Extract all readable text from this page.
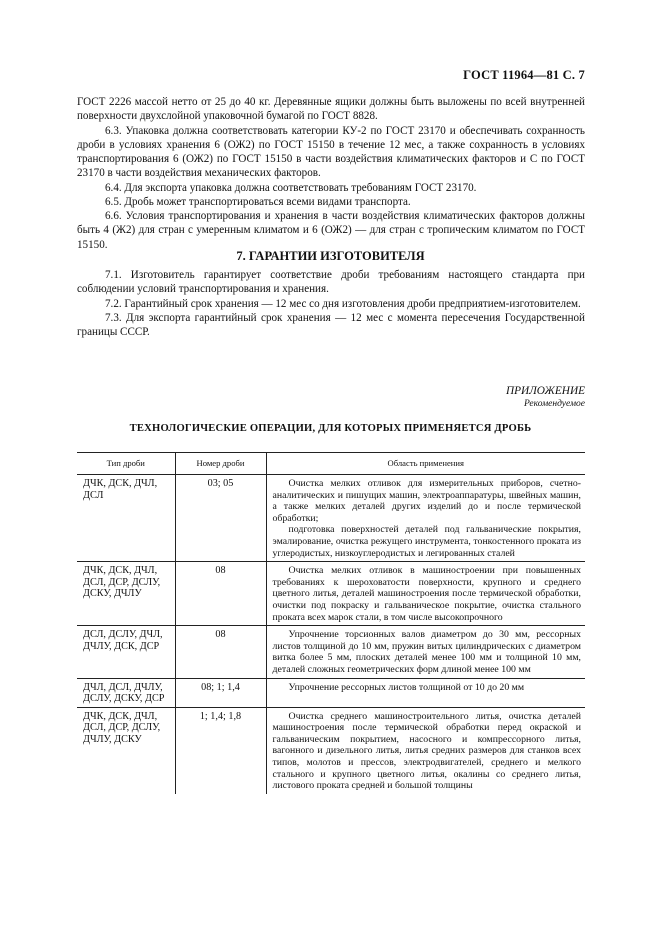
ГОСТ 11964—81 С. 7

ГОСТ 2226 массой нетто от 25 до 40 кг. Деревянные ящики должны быть выложены по всей внутренней поверхности двухслойной упаковочной бумагой по ГОСТ 8828.

6.3. Упаковка должна соответствовать категории КУ-2 по ГОСТ 23170 и обеспечивать сохранность дроби в условиях хранения 6 (ОЖ2) по ГОСТ 15150 в течение 12 мес, а также сохранность в условиях транспортирования 6 (ОЖ2) по ГОСТ 15150 в части воздействия климатических факторов и С по ГОСТ 23170 в части воздействия механических факторов.

6.4. Для экспорта упаковка должна соответствовать требованиям ГОСТ 23170.

6.5. Дробь может транспортироваться всеми видами транспорта.

6.6. Условия транспортирования и хранения в части воздействия климатических факторов должны быть 4 (Ж2) для стран с умеренным климатом и 6 (ОЖ2) — для стран с тропическим климатом по ГОСТ 15150.

7. ГАРАНТИИ ИЗГОТОВИТЕЛЯ

7.1. Изготовитель гарантирует соответствие дроби требованиям настоящего стандарта при соблюдении условий транспортирования и хранения.

7.2. Гарантийный срок хранения — 12 мес со дня изготовления дроби предприятием-изготовителем.

7.3. Для экспорта гарантийный срок хранения — 12 мес с момента пересечения Государственной границы СССР.

ПРИЛОЖЕНИЕ
Рекомендуемое
ТЕХНОЛОГИЧЕСКИЕ ОПЕРАЦИИ, ДЛЯ КОТОРЫХ ПРИМЕНЯЕТСЯ ДРОБЬ
Тип дроби	Номер дроби	Область применения
ДЧК, ДСК, ДЧЛ, ДСЛ	03; 05	Очистка мелких отливок для измерительных приборов, счетно-аналитических и пишущих машин, электроаппаратуры, швейных машин, а также мелких деталей других изделий до и после термической обработки;
подготовка поверхностей деталей под гальванические покрытия, эмалирование, очистка режущего инструмента, тонкостенного проката из углеродистых, низкоуглеродистых и легированных сталей

ДЧК, ДСК, ДЧЛ, ДСЛ, ДСР, ДСЛУ, ДСКУ, ДЧЛУ	08	Очистка мелких отливок в машиностроении при повышенных требованиях к шероховатости поверхности, крупного и среднего цветного литья, деталей машиностроения после термической обработки, очистки под покраску и гальваническое покрытие, очистка стального проката всех марок стали, в том числе высокопрочного

ДСЛ, ДСЛУ, ДЧЛ, ДЧЛУ, ДСК, ДСР	08	Упрочнение торсионных валов диаметром до 30 мм, рессорных листов толщиной до 10 мм, пружин витых цилиндрических с диаметром витка более 5 мм, плоских деталей менее 100 мм и толщиной 10 мм, деталей сложных геометрических форм длиной менее 100 мм

ДЧЛ, ДСЛ, ДЧЛУ, ДСЛУ, ДСКУ, ДСР	08; 1; 1,4	Упрочнение рессорных листов толщиной от 10 до 20 мм

ДЧК, ДСК, ДЧЛ, ДСЛ, ДСР, ДСЛУ, ДЧЛУ, ДСКУ	1; 1,4; 1,8	Очистка среднего машиностроительного литья, очистка деталей машиностроения после термической обработки перед окраской и гальваническим покрытием, насосного и компрессорного литья, вагонного и дизельного литья, литья средних размеров для станков всех типов, молотов и прессов, электродвигателей, среднего и мелкого стального и крупного цветного литья, окалины со среднего литья, листового проката средней и большой толщины
